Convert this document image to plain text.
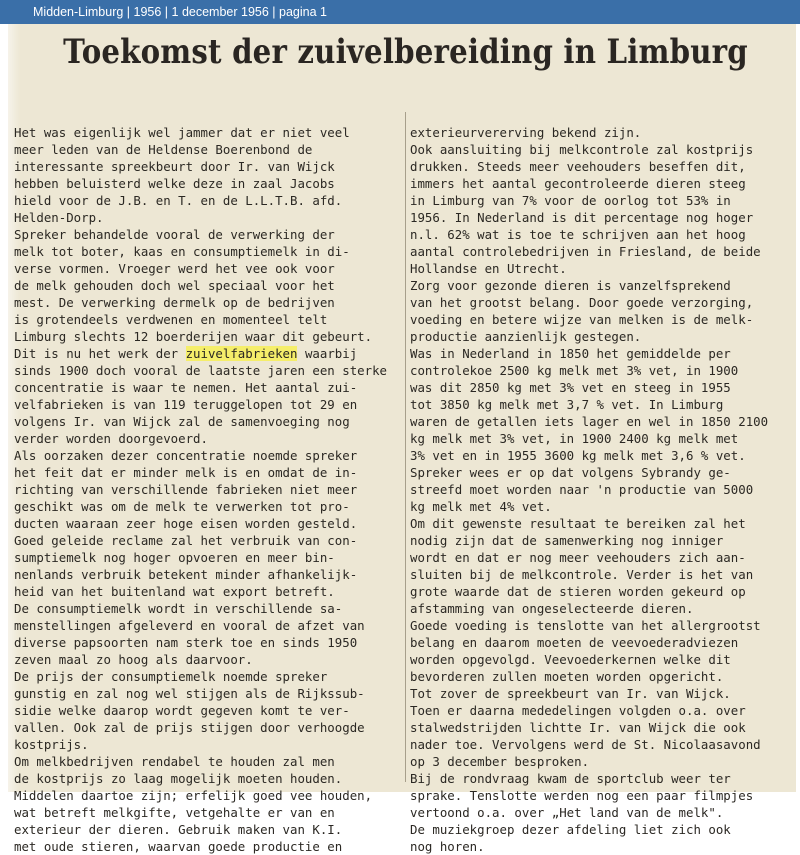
Midden-Limburg | 1956 | 1 december 1956 | pagina 1
Toekomst der zuivelbereiding in Limburg
Het was eigenlijk wel jammer dat er niet veel
meer leden van de Heldense Boerenbond de
interessante spreekbeurt door Ir. van Wijck
hebben beluisterd welke deze in zaal Jacobs
hield voor de J.B. en T. en de L.L.T.B. afd.
Helden-Dorp.
Spreker behandelde vooral de verwerking der
melk tot boter, kaas en consumptiemelk in di-
verse vormen. Vroeger werd het vee ook voor
de melk gehouden doch wel speciaal voor het
mest. De verwerking dermelk op de bedrijven
is grotendeels verdwenen en momenteel telt
Limburg slechts 12 boerderijen waar dit gebeurt.
Dit is nu het werk der zuivelfabrieken waarbij
sinds 1900 doch vooral de laatste jaren een sterke
concentratie is waar te nemen. Het aantal zui-
velfabrieken is van 119 teruggelopen tot 29 en
volgens Ir. van Wijck zal de samenvoeging nog
verder worden doorgevoerd.
Als oorzaken dezer concentratie noemde spreker
het feit dat er minder melk is en omdat de in-
richting van verschillende fabrieken niet meer
geschikt was om de melk te verwerken tot pro-
ducten waaraan zeer hoge eisen worden gesteld.
Goed geleide reclame zal het verbruik van con-
sumptiemelk nog hoger opvoeren en meer bin-
nenlands verbruik betekent minder afhankelijk-
heid van het buitenland wat export betreft.
De consumptiemelk wordt in verschillende sa-
menstellingen afgeleverd en vooral de afzet van
diverse papsoorten nam sterk toe en sinds 1950
zeven maal zo hoog als daarvoor.
De prijs der consumptiemelk noemde spreker
gunstig en zal nog wel stijgen als de Rijkssub-
sidie welke daarop wordt gegeven komt te ver-
vallen. Ook zal de prijs stijgen door verhoogde
kostprijs.
Om melkbedrijven rendabel te houden zal men
de kostprijs zo laag mogelijk moeten houden.
Middelen daartoe zijn; erfelijk goed vee houden,
wat betreft melkgifte, vetgehalte er van en
exterieur der dieren. Gebruik maken van K.I.
met oude stieren, waarvan goede productie en
exterieurvererving bekend zijn.
Ook aansluiting bij melkcontrole zal kostprijs
drukken. Steeds meer veehouders beseffen dit,
immers het aantal gecontroleerde dieren steeg
in Limburg van 7% voor de oorlog tot 53% in
1956. In Nederland is dit percentage nog hoger
n.l. 62% wat is toe te schrijven aan het hoog
aantal controlebedrijven in Friesland, de beide
Hollandse en Utrecht.
Zorg voor gezonde dieren is vanzelfsprekend
van het grootst belang. Door goede verzorging,
voeding en betere wijze van melken is de melk-
productie aanzienlijk gestegen.
Was in Nederland in 1850 het gemiddelde per
controlekoe 2500 kg melk met 3% vet, in 1900
was dit 2850 kg met 3% vet en steeg in 1955
tot 3850 kg melk met 3,7 % vet. In Limburg
waren de getallen iets lager en wel in 1850 2100
kg melk met 3% vet, in 1900 2400 kg melk met
3% vet en in 1955 3600 kg melk met 3,6 % vet.
Spreker wees er op dat volgens Sybrandy ge-
streefd moet worden naar 'n productie van 5000
kg melk met 4% vet.
Om dit gewenste resultaat te bereiken zal het
nodig zijn dat de samenwerking nog inniger
wordt en dat er nog meer veehouders zich aan-
sluiten bij de melkcontrole. Verder is het van
grote waarde dat de stieren worden gekeurd op
afstamming van ongeselecteerde dieren.
Goede voeding is tenslotte van het allergrootst
belang en daarom moeten de veevoederadviezen
worden opgevolgd. Veevoederkernen welke dit
bevorderen zullen moeten worden opgericht.
Tot zover de spreekbeurt van Ir. van Wijck.
Toen er daarna mededelingen volgden o.a. over
stalwedstrijden lichtte Ir. van Wijck die ook
nader toe. Vervolgens werd de St. Nicolaasavond
op 3 december besproken.
Bij de rondvraag kwam de sportclub weer ter
sprake. Tenslotte werden nog een paar filmpjes
vertoond o.a. over „Het land van de melk".
De muziekgroep dezer afdeling liet zich ook
nog horen.
